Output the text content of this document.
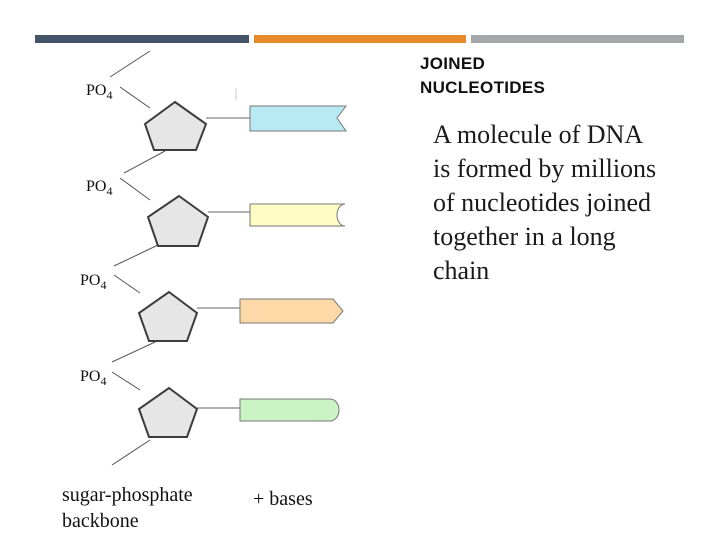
JOINED
NUCLEOTIDES
A molecule of DNA is formed by millions of nucleotides joined together in a long chain
$PO_4$
$PO_4$
$PO_4$
$PO_4$
sugar-phosphate backbone
+ bases
